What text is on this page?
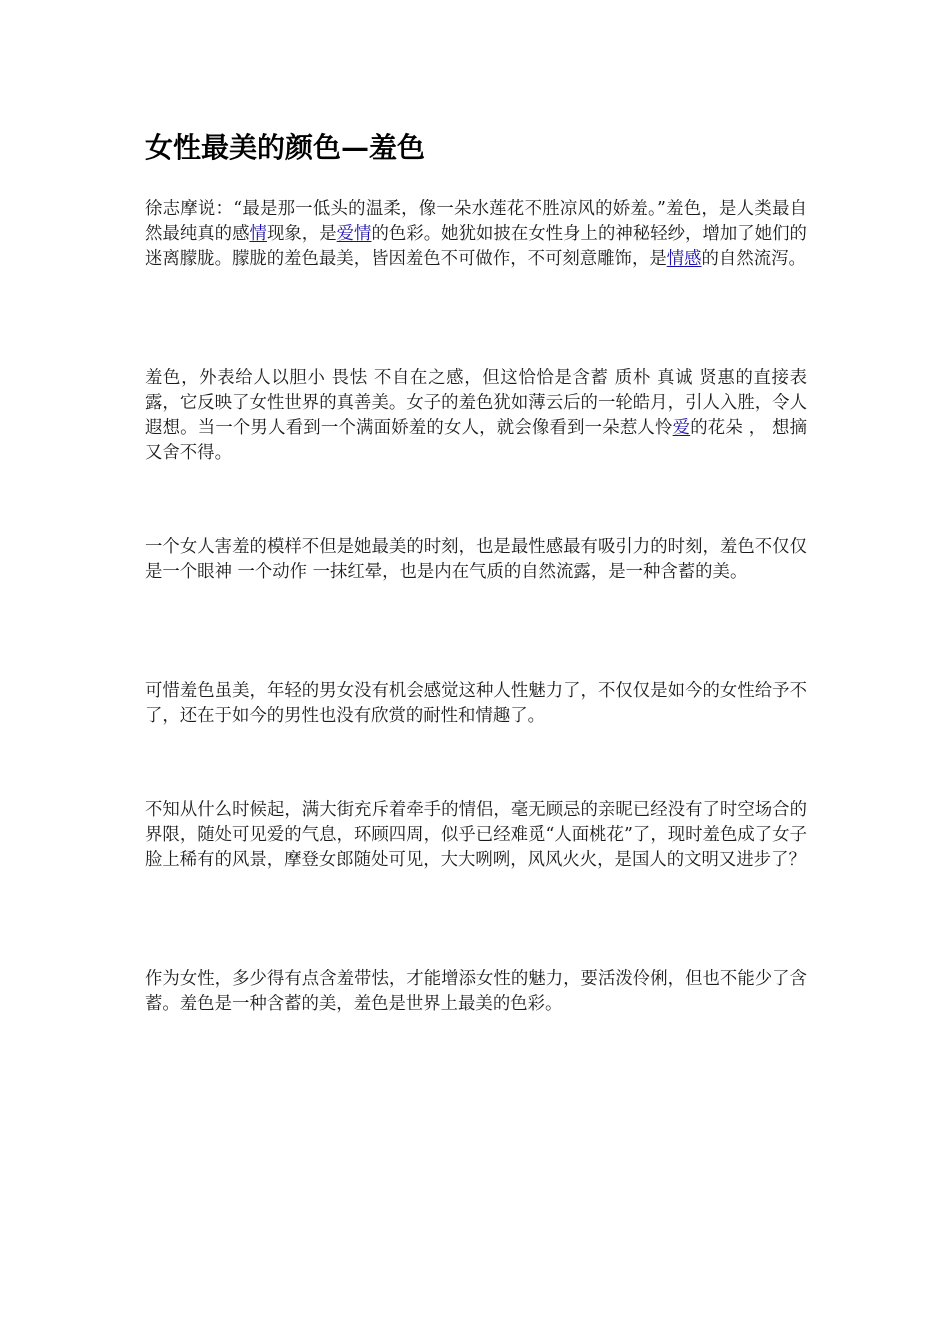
女性最美的颜色—羞色

徐志摩说：“最是那一低头的温柔，像一朵水莲花不胜凉风的娇羞。”羞色，是人类最自然最纯真的感情现象，是爱情的色彩。她犹如披在女性身上的神秘轻纱，增加了她们的迷离朦胧。朦胧的羞色最美，皆因羞色不可做作，不可刻意雕饰，是情感的自然流泻。

羞色，外表给人以胆小 畏怯 不自在之感，但这恰恰是含蓄 质朴 真诚 贤惠的直接表露，它反映了女性世界的真善美。女子的羞色犹如薄云后的一轮皓月，引人入胜，令人遐想。当一个男人看到一个满面娇羞的女人，就会像看到一朵惹人怜爱的花朵 ， 想摘又舍不得。

一个女人害羞的模样不但是她最美的时刻，也是最性感最有吸引力的时刻，羞色不仅仅是一个眼神 一个动作 一抹红晕，也是内在气质的自然流露，是一种含蓄的美。

可惜羞色虽美，年轻的男女没有机会感觉这种人性魅力了，不仅仅是如今的女性给予不了，还在于如今的男性也没有欣赏的耐性和情趣了。

不知从什么时候起，满大街充斥着牵手的情侣，毫无顾忌的亲昵已经没有了时空场合的界限，随处可见爱的气息，环顾四周，似乎已经难觅“人面桃花”了，现时羞色成了女子脸上稀有的风景，摩登女郎随处可见，大大咧咧，风风火火，是国人的文明又进步了？

作为女性，多少得有点含羞带怯，才能增添女性的魅力，要活泼伶俐，但也不能少了含蓄。羞色是一种含蓄的美，羞色是世界上最美的色彩。
